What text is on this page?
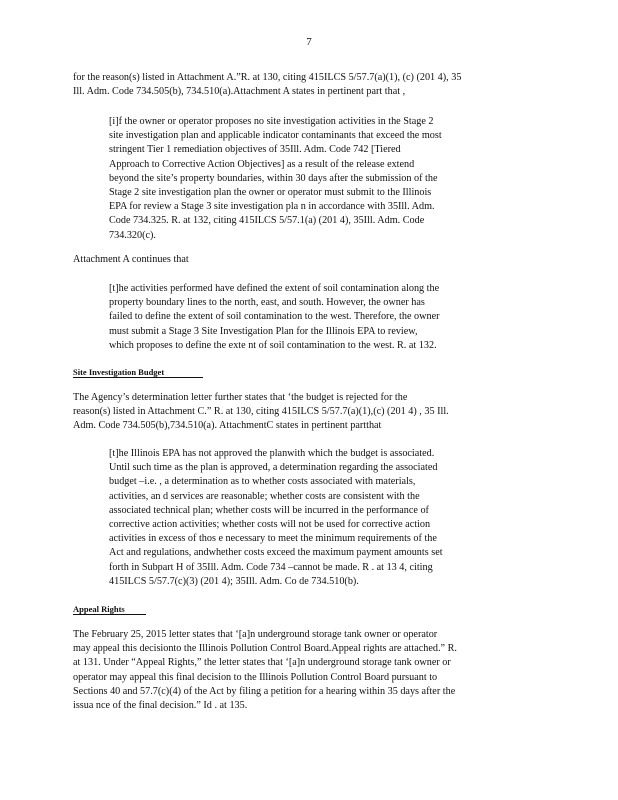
7
for the reason(s) listed in Attachment A.”R. at 130, citing 415ILCS 5/57.7(a)(1), (c) (201 4), 35
Ill. Adm. Code 734.505(b), 734.510(a).Attachment A states in pertinent part that ,
[i]f the owner or operator proposes no site investigation activities in the Stage 2
site investigation plan and applicable indicator contaminants that exceed the most
stringent Tier 1 remediation objectives of 35Ill. Adm. Code 742 [Tiered
Approach to Corrective Action Objectives] as a result of the release extend
beyond the site’s property boundaries, within 30 days after the submission of the
Stage 2 site investigation plan the owner or operator must submit to the Illinois
EPA for review a Stage 3 site investigation pla n in accordance with 35Ill. Adm.
Code 734.325. R. at 132, citing 415ILCS 5/57.1(a) (201 4), 35Ill. Adm. Code
734.320(c).
Attachment A continues that
[t]he activities performed have defined the extent of soil contamination along the
property boundary lines to the north, east, and south. However, the owner has
failed to define the extent of soil contamination to the west. Therefore, the owner
must submit a Stage 3 Site Investigation Plan for the Illinois EPA to review,
which proposes to define the exte nt of soil contamination to the west. R. at 132.
Site Investigation Budget
The Agency’s determination letter further states that ‘the budget is rejected for the
reason(s) listed in Attachment C.” R. at 130, citing 415ILCS 5/57.7(a)(1),(c) (201 4) , 35 Ill.
Adm. Code 734.505(b),734.510(a). AttachmentC states in pertinent partthat
[t]he Illinois EPA has not approved the planwith which the budget is associated.
Until such time as the plan is approved, a determination regarding the associated
budget –i.e. , a determination as to whether costs associated with materials,
activities, an d services are reasonable; whether costs are consistent with the
associated technical plan; whether costs will be incurred in the performance of
corrective action activities; whether costs will not be used for corrective action
activities in excess of thos e necessary to meet the minimum requirements of the
Act and regulations, andwhether costs exceed the maximum payment amounts set
forth in Subpart H of 35Ill. Adm. Code 734 –cannot be made. R . at 13 4, citing
415ILCS 5/57.7(c)(3) (201 4); 35Ill. Adm. Co de 734.510(b).
Appeal Rights
The February 25, 2015 letter states that ‘[a]n underground storage tank owner or operator
may appeal this decisionto the Illinois Pollution Control Board.Appeal rights are attached.” R.
at 131. Under “Appeal Rights,” the letter states that ‘[a]n underground storage tank owner or
operator may appeal this final decision to the Illinois Pollution Control Board pursuant to
Sections 40 and 57.7(c)(4) of the Act by filing a petition for a hearing within 35 days after the
issua nce of the final decision.” Id . at 135.
